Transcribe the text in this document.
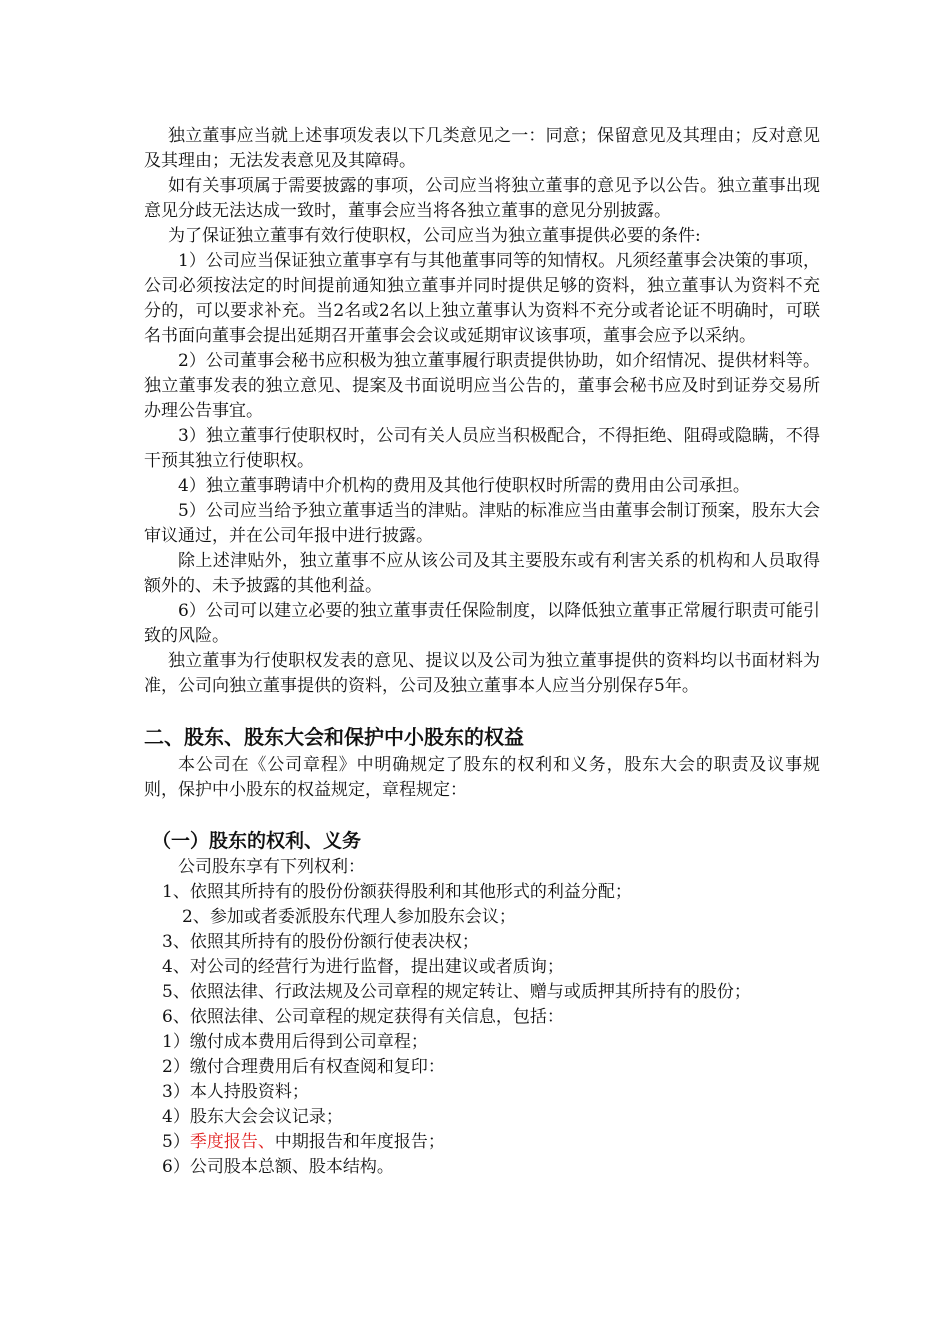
独立董事应当就上述事项发表以下几类意见之一：同意；保留意见及其理由；反对意见及其理由；无法发表意见及其障碍。

如有关事项属于需要披露的事项，公司应当将独立董事的意见予以公告。独立董事出现意见分歧无法达成一致时，董事会应当将各独立董事的意见分别披露。

为了保证独立董事有效行使职权，公司应当为独立董事提供必要的条件:

1）公司应当保证独立董事享有与其他董事同等的知情权。凡须经董事会决策的事项，公司必须按法定的时间提前通知独立董事并同时提供足够的资料，独立董事认为资料不充分的，可以要求补充。当2名或2名以上独立董事认为资料不充分或者论证不明确时，可联名书面向董事会提出延期召开董事会会议或延期审议该事项，董事会应予以采纳。

2）公司董事会秘书应积极为独立董事履行职责提供协助，如介绍情况、提供材料等。独立董事发表的独立意见、提案及书面说明应当公告的，董事会秘书应及时到证券交易所办理公告事宜。

3）独立董事行使职权时，公司有关人员应当积极配合，不得拒绝、阻碍或隐瞒，不得干预其独立行使职权。

4）独立董事聘请中介机构的费用及其他行使职权时所需的费用由公司承担。

5）公司应当给予独立董事适当的津贴。津贴的标准应当由董事会制订预案，股东大会审议通过，并在公司年报中进行披露。

除上述津贴外，独立董事不应从该公司及其主要股东或有利害关系的机构和人员取得额外的、未予披露的其他利益。

6）公司可以建立必要的独立董事责任保险制度，以降低独立董事正常履行职责可能引致的风险。

独立董事为行使职权发表的意见、提议以及公司为独立董事提供的资料均以书面材料为准，公司向独立董事提供的资料，公司及独立董事本人应当分别保存5年。

二、股东、股东大会和保护中小股东的权益

本公司在《公司章程》中明确规定了股东的权利和义务，股东大会的职责及议事规则，保护中小股东的权益规定，章程规定：

（一）股东的权利、义务

公司股东享有下列权利：

1、依照其所持有的股份份额获得股利和其他形式的利益分配；

2、参加或者委派股东代理人参加股东会议；

3、依照其所持有的股份份额行使表决权；

4、对公司的经营行为进行监督，提出建议或者质询；

5、依照法律、行政法规及公司章程的规定转让、赠与或质押其所持有的股份；

6、依照法律、公司章程的规定获得有关信息，包括：

1）缴付成本费用后得到公司章程；

2）缴付合理费用后有权查阅和复印：

3）本人持股资料；

4）股东大会会议记录；

5）季度报告、中期报告和年度报告；

6）公司股本总额、股本结构。
